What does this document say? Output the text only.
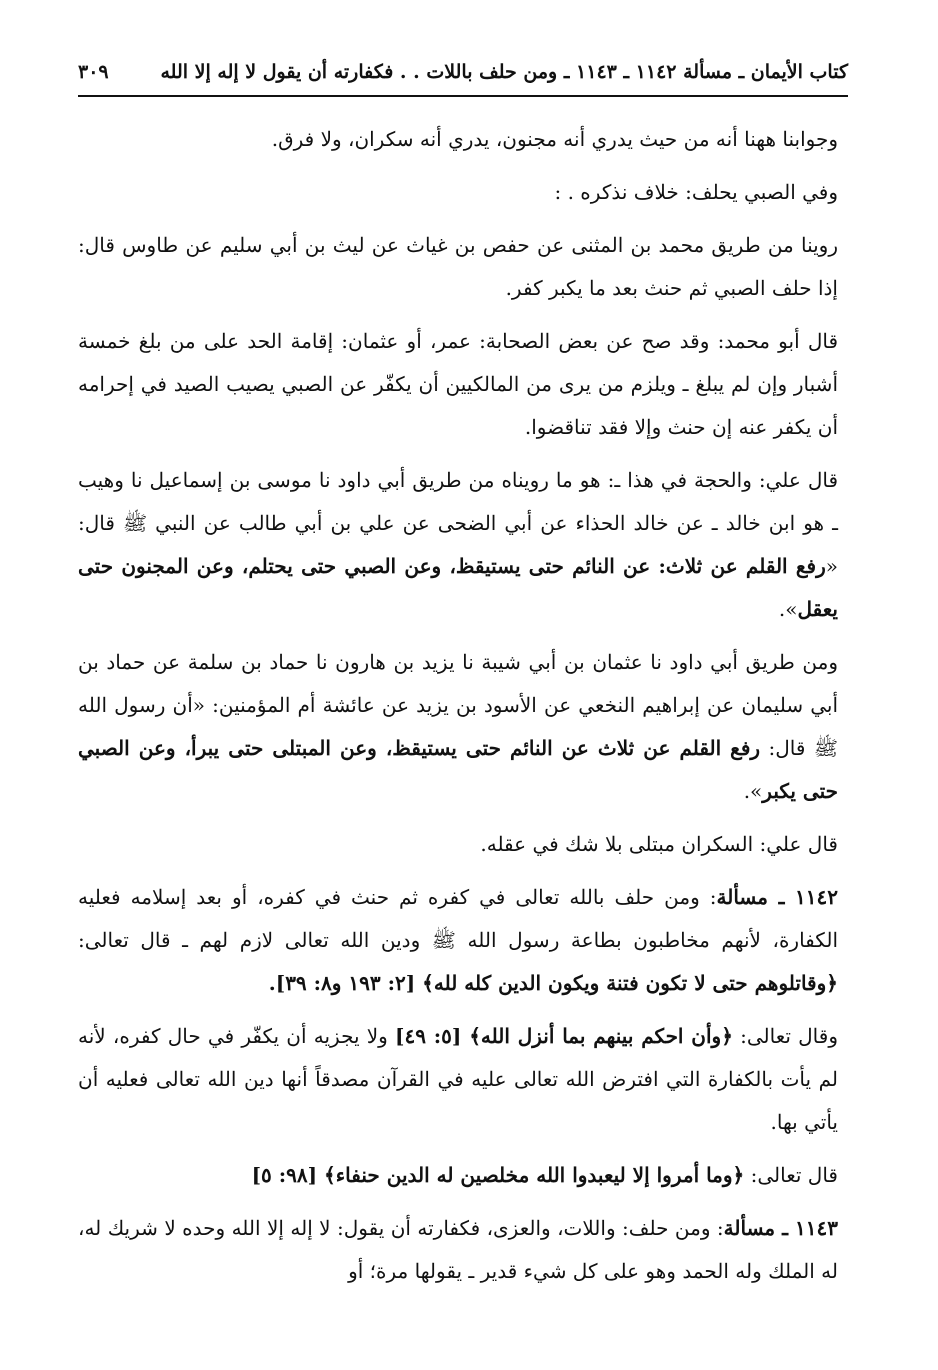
كتاب الأيمان ـ مسألة ١١٤٢ ـ ١١٤٣ ـ ومن حلف باللات . . فكفارته أن يقول لا إله إلا الله
٣٠٩

وجوابنا ههنا أنه من حيث يدري أنه مجنون، يدري أنه سكران، ولا فرق.

وفي الصبي يحلف: خلاف نذكره . :

روينا من طريق محمد بن المثنى عن حفص بن غياث عن ليث بن أبي سليم عن طاوس قال: إذا حلف الصبي ثم حنث بعد ما يكبر كفر.

قال أبو محمد: وقد صح عن بعض الصحابة: عمر، أو عثمان: إقامة الحد على من بلغ خمسة أشبار وإن لم يبلغ ـ ويلزم من يرى من المالكيين أن يكفّر عن الصبي يصيب الصيد في إحرامه أن يكفر عنه إن حنث وإلا فقد تناقضوا.

قال علي: والحجة في هذا ـ: هو ما رويناه من طريق أبي داود نا موسى بن إسماعيل نا وهيب ـ هو ابن خالد ـ عن خالد الحذاء عن أبي الضحى عن علي بن أبي طالب عن النبي ﷺ قال: «رفع القلم عن ثلاث: عن النائم حتى يستيقظ، وعن الصبي حتى يحتلم، وعن المجنون حتى يعقل».

ومن طريق أبي داود نا عثمان بن أبي شيبة نا يزيد بن هارون نا حماد بن سلمة عن حماد بن أبي سليمان عن إبراهيم النخعي عن الأسود بن يزيد عن عائشة أم المؤمنين: «أن رسول الله ﷺ قال: رفع القلم عن ثلاث عن النائم حتى يستيقظ، وعن المبتلى حتى يبرأ، وعن الصبي حتى يكبر».

قال علي: السكران مبتلى بلا شك في عقله.

١١٤٢ ـ مسألة: ومن حلف بالله تعالى في كفره ثم حنث في كفره، أو بعد إسلامه فعليه الكفارة، لأنهم مخاطبون بطاعة رسول الله ﷺ ودين الله تعالى لازم لهم ـ قال تعالى: ﴿وقاتلوهم حتى لا تكون فتنة ويكون الدين كله لله﴾ [٢: ١٩٣ و٨: ٣٩].

وقال تعالى: ﴿وأن احكم بينهم بما أنزل الله﴾ [٥: ٤٩] ولا يجزيه أن يكفّر في حال كفره، لأنه لم يأت بالكفارة التي افترض الله تعالى عليه في القرآن مصدقاً أنها دين الله تعالى فعليه أن يأتي بها.

قال تعالى: ﴿وما أمروا إلا ليعبدوا الله مخلصين له الدين حنفاء﴾ [٩٨: ٥]

١١٤٣ ـ مسألة: ومن حلف: واللات، والعزى، فكفارته أن يقول: لا إله إلا الله وحده لا شريك له، له الملك وله الحمد وهو على كل شيء قدير ـ يقولها مرة؛ أو
